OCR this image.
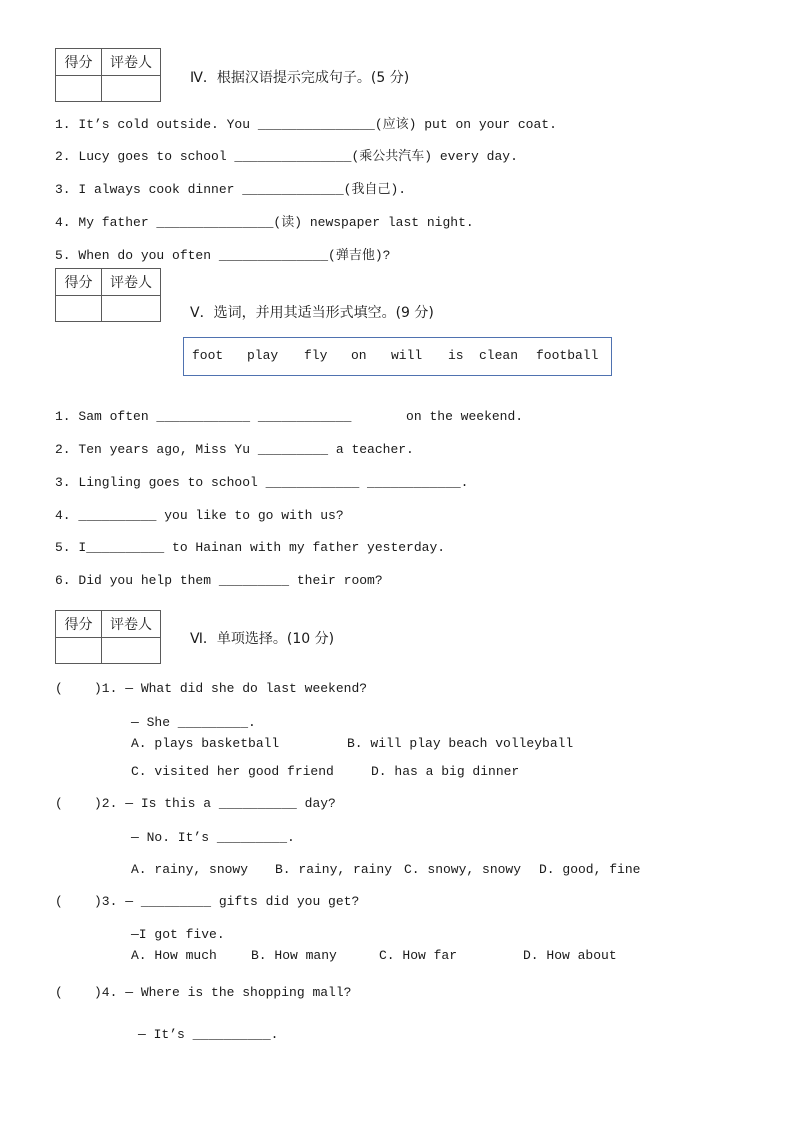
得分	评卷人

Ⅳ．根据汉语提示完成句子。(5 分)
1. It’s cold outside. You _______________(应该) put on your coat.
2. Lucy goes to school _______________(乘公共汽车) every day.
3. I always cook dinner _____________(我自己).
4. My father _______________(读) newspaper last night.
5. When do you often ______________(弹吉他)?
得分	评卷人

Ⅴ．选词，并用其适当形式填空。(9 分)
foot play fly on will is clean football
1. Sam often ____________ ____________       on the weekend.
2. Ten years ago, Miss Yu _________ a teacher.
3. Lingling goes to school ____________ ____________.
4. __________ you like to go with us?
5. I__________ to Hainan with my father yesterday.
6. Did you help them _________ their room?
得分	评卷人

Ⅵ．单项选择。(10 分)
(    )1. — What did she do last weekend?
— She _________.
A. plays basketball	B. will play beach volleyball
C. visited her good friend	D. has a big dinner
(    )2. — Is this a __________ day?
— No. It’s _________.
A. rainy, snowy B. rainy, rainy C. snowy, snowy D. good, fine
(    )3. — _________ gifts did you get?
—I got five.
A. How much	B. How many	C. How far	D. How about
(    )4. — Where is the shopping mall?
— It’s __________.
